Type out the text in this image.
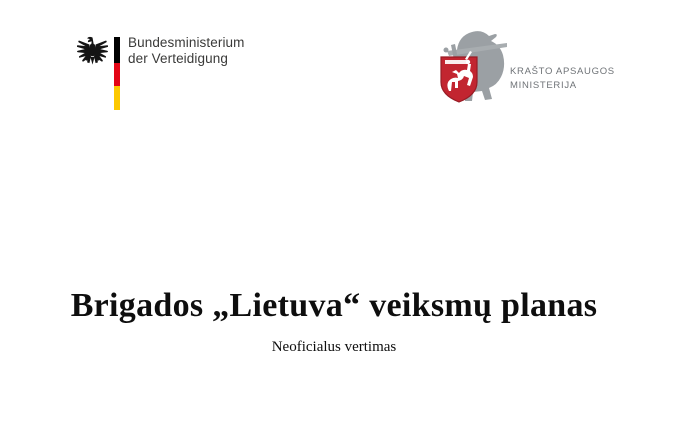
Bundesministerium
der Verteidigung
KRAŠTO APSAUGOS
MINISTERIJA
Brigados „Lietuva“ veiksmų planas
Neoficialus vertimas
